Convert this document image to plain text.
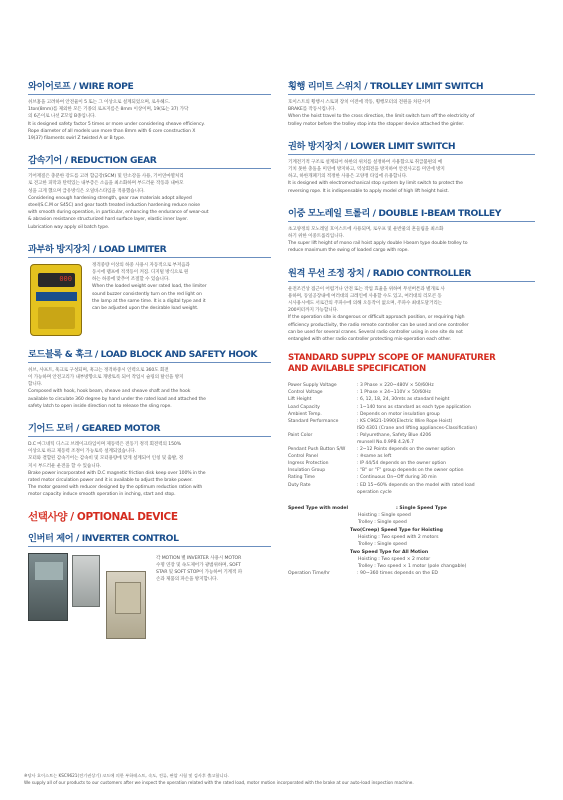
와이어로프 / WIRE ROPE
쉬브홈을 고려하여 안전율이 5 또는 그 이상으로 설계되었으며, 로우헤드.
1ton(8mm)를 제외한 모든 기종의 로프지름은 8mm 이상이며, 19(또는 37) 가닥
의 6곤이로 나선 Z꼬임 B종입니다.
It is designed safety factor 5 times or more under considering sheave efficiency.
Rope diameter of all models use more than 8mm with 6 core construction X
19(37) filaments swirl Z twisted A or B type.
감속기어 / REDUCTION GEAR
기어재질은 충분한 강도를 고려 합금강(SCM) 및 탄소강을 사용, 기어연마열처리
로 견고한 피막과 탄력있는 내부층은 소음을 최소화하며 부드러운 작동과 내마모
성을 크게 했으며 급유방식은 오일바스타입을 적용했습니다.
Considering enough hardening strength, gear raw materials adopt alloyed
steel(S.C.M or S45C) and gear tooth treated induction hardening reduce noise
with smooth during operation, in particular, enhancing the endurance of wear-out
& abrasion resistance structurized hard surface layer, elastic inner layer.
Lubrication way apply oil batch type.
과부하 방지장치 / LOAD LIMITER
000
정격중량 이상의 하중 사용시 자동적으로 부저음과
동시에 램프에 적색등이 켜짐. 디지털 방식으로 원
하는 하중에 맞추어 조절할 수 있습니다.
When the loaded weight over rated load, the limiter
sound buzzer consistently turn on the red light on
the lamp at the same time. It is a digital type and it
can be adjusted upon the desirable load weight.
로드블록 & 훅크 / LOAD BLOCK AND SAFETY HOOK
쉬브, 샤프트, 훅크로 구성되며, 훅크는 정격하중시 인력으로 360도 회전
이 가능하며 안전고리가 내부방향으로 개방토록 되어 작업시 슬링의 탈선을 방지
합니다.
Composed with hook, hook beam, sheave and sheave shaft and the hook
available to circulate 360 degree by hand under the rated load and attached the
safety latch to open inside direction not to release the sling rope.
기어드 모터 / GEARED MOTOR
D.C 마그네틱 디스크 브레이크타입이며 제동력은 전동기 정격 회전력의 150%
이상으로 하고 제동력 조정이 가능토록 설계되었습니다.
모터와 결합된 감속기어는 감속비 및 모터용량에 맞게 설계되어 인칭 및 출발, 정
지시 부드러운 운전을 할 수 있습니다.
Brake power incorporated with D.C magnetic friction disk keep over 100% in the
rated motor circulation power and it is available to adjust the brake power.
The motor geared with reducer designed by the optimum reduction ration with
motor capacity induce smooth operation in inching, start and stop.
선택사양 / OPTIONAL DEVICE
인버터 제어 / INVERTER CONTROL
각 MOTION 별 INVERTER 사용시 MOTOR
수명 연장 및 속도제어가 광범위하며, SOFT
STAR 및 SOFT STOP이 가능하여 기계적 파
손과 제품의 파손을 방지합니다.
횡행 리미트 스위치 / TROLLEY LIMIT SWITCH
호이스트의 횡행시 스토퍼 장치 이전에 작동, 횡행모터의 전원을 차단시켜
BRAKE를 작동시킵니다.
When the hoist travel to the cross direction, the limit switch turn off the electricity of
trolley motor before the trolley stop into the stopper device attached the girder.
권하 방지장치 / LOWER LIMIT SWITCH
기계전기적 구조로 설계되어 하한의 위치를 설정하여 사용함으로 취급불편의 예
기치 못한 충돌을 미연에 방지하고, 역상회전을 방지하여 안전사고를 미연에 방지
하고, 하한개폐기의 적정한 사용은 고양정 타입에 유용합니다.
It is designed with electromechanical stop system by limit switch to protect the
reversing rope. It is indispensable to apply model of high lift height hoist.
이중 모노레일 트롤리 / DOUBLE I-BEAM TROLLEY
초고양정의 모노레일 호이스트에 사용되며, 로우프 및 운반물의 흔들림을 최소화
하기 위한 이중트롤리입니다.
The super lift height of mono rail hoist apply double I-beam type double trolley to
reduce maximum the swing of loaded cargo with rope.
원격 무선 조정 장치 / RADIO CONTROLLER
운전조건상 접근이 어렵거나 안전 또는 작업 효율을 위하여 무선버튼과 별개로 사
용하며, 동일공장내에 여러대의 크레인에 사용할 수도 있고, 여러대의 리모콘 동
시사용시에도 서로간의 주파수에 의해 오동작이 없으며, 주파수 최대도달거리는
200미터까지 가능합니다.
If the operation site is dangerous or difficult approach position, or requiring high
efficiency productivity, the radio remote controller can be used and one controller
can be used for several cranes. Several radio controller using in one site do not
entangled with other radio controller protecting mis-operation each other.
STANDARD SUPPLY SCOPE OF MANUFATURER
AND AVILABLE SPECIFICATION
Power Supply Voltage	: 3 Phase × 220~480V × 50/60Hz
Control Voltage	: 1 Phase × 24~110V × 50/60Hz
Lift Height	: 6, 12, 18, 24, 30mts as standard height
Load Capacity	: 1~140 tons as standard as each type application
Ambient Temp.	: Depends on motor insulation group
Standard Performance	: KS C9621-1990(Electric Wire Rope Hoist)
ISO 4301 (Crane and lifting appliances-Classification)
Paint Color	: Polyurethane, Safety Blue 4206
munsell No.0.9PB 4.2/6.7
Pendant Push Button S/W	: 2~12 Points depends on the owner option
Control Panel	: ※same as left
Ingress Protection	: IP 44/54 depends on the owner option
Insulation Group	: "B" or "F" group depends on the owner option
Rating Time	: Continuous On~Off during 30 min
Duty Rate	: ED 15~60% depends on the model with rated load
operation cycle
Speed Type with model	: Single Speed Type
Hoisting : Single speed
Trolley : Single speed
Two(Creep) Speed Type for Hoisting
Hoisting : Two speed with 2 motors
Trolley : Single speed
Two Speed Type for All Motion
Hoisting : Two speed × 2 motor
Trolley : Two speed × 1 motor (pole changable)
Operation Time/hr	: 90~360 times depends on the ED
※당사 호이스트는 KSC9621(전기권상기) 코드에 의한 부하테스트, 속도, 전류, 판압 시험 및 검사후 출고합니다.
We supply all of our products to our customers after we inspect the operation related with the rated load, motor motion incorporated with the brake at our auto-load inspection machine.
